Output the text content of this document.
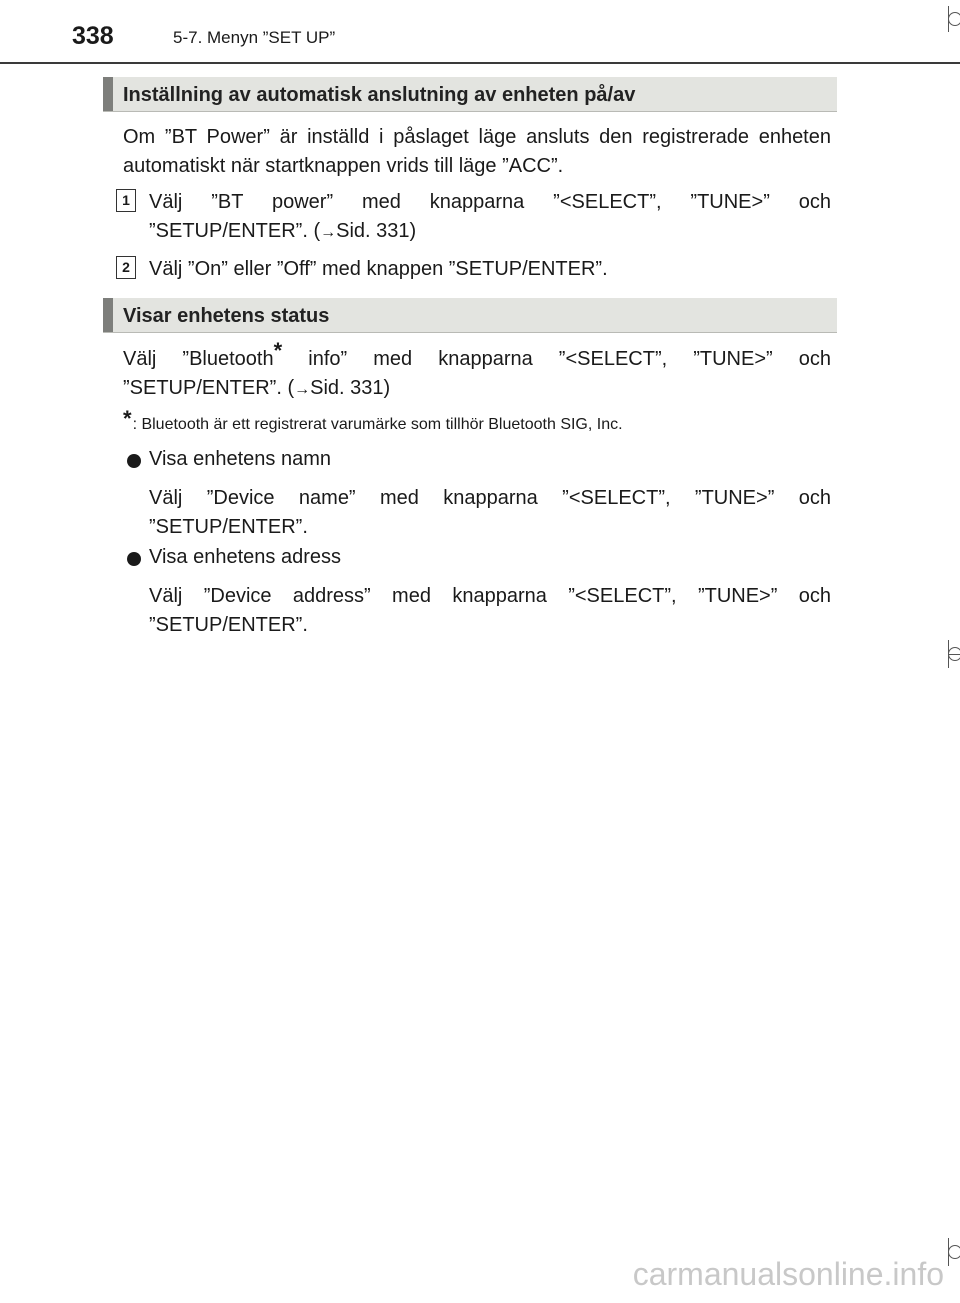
338	5-7. Menyn ”SET UP”
Inställning av automatisk anslutning av enheten på/av
Om ”BT Power” är inställd i påslaget läge ansluts den registrerade enheten automatiskt när startknappen vrids till läge ”ACC”.
1 Välj ”BT power” med knapparna ”<SELECT”, ”TUNE>” och ”SETUP/ENTER”. (→Sid. 331)
2 Välj ”On” eller ”Off” med knappen ”SETUP/ENTER”.
Visar enhetens status
Välj ”Bluetooth* info” med knapparna ”<SELECT”, ”TUNE>” och ”SETUP/ENTER”. (→Sid. 331)
*: Bluetooth är ett registrerat varumärke som tillhör Bluetooth SIG, Inc.
Visa enhetens namn
Välj ”Device name” med knapparna ”<SELECT”, ”TUNE>” och ”SETUP/ENTER”.
Visa enhetens adress
Välj ”Device address” med knapparna ”<SELECT”, ”TUNE>” och ”SETUP/ENTER”.
carmanualsonline.info
